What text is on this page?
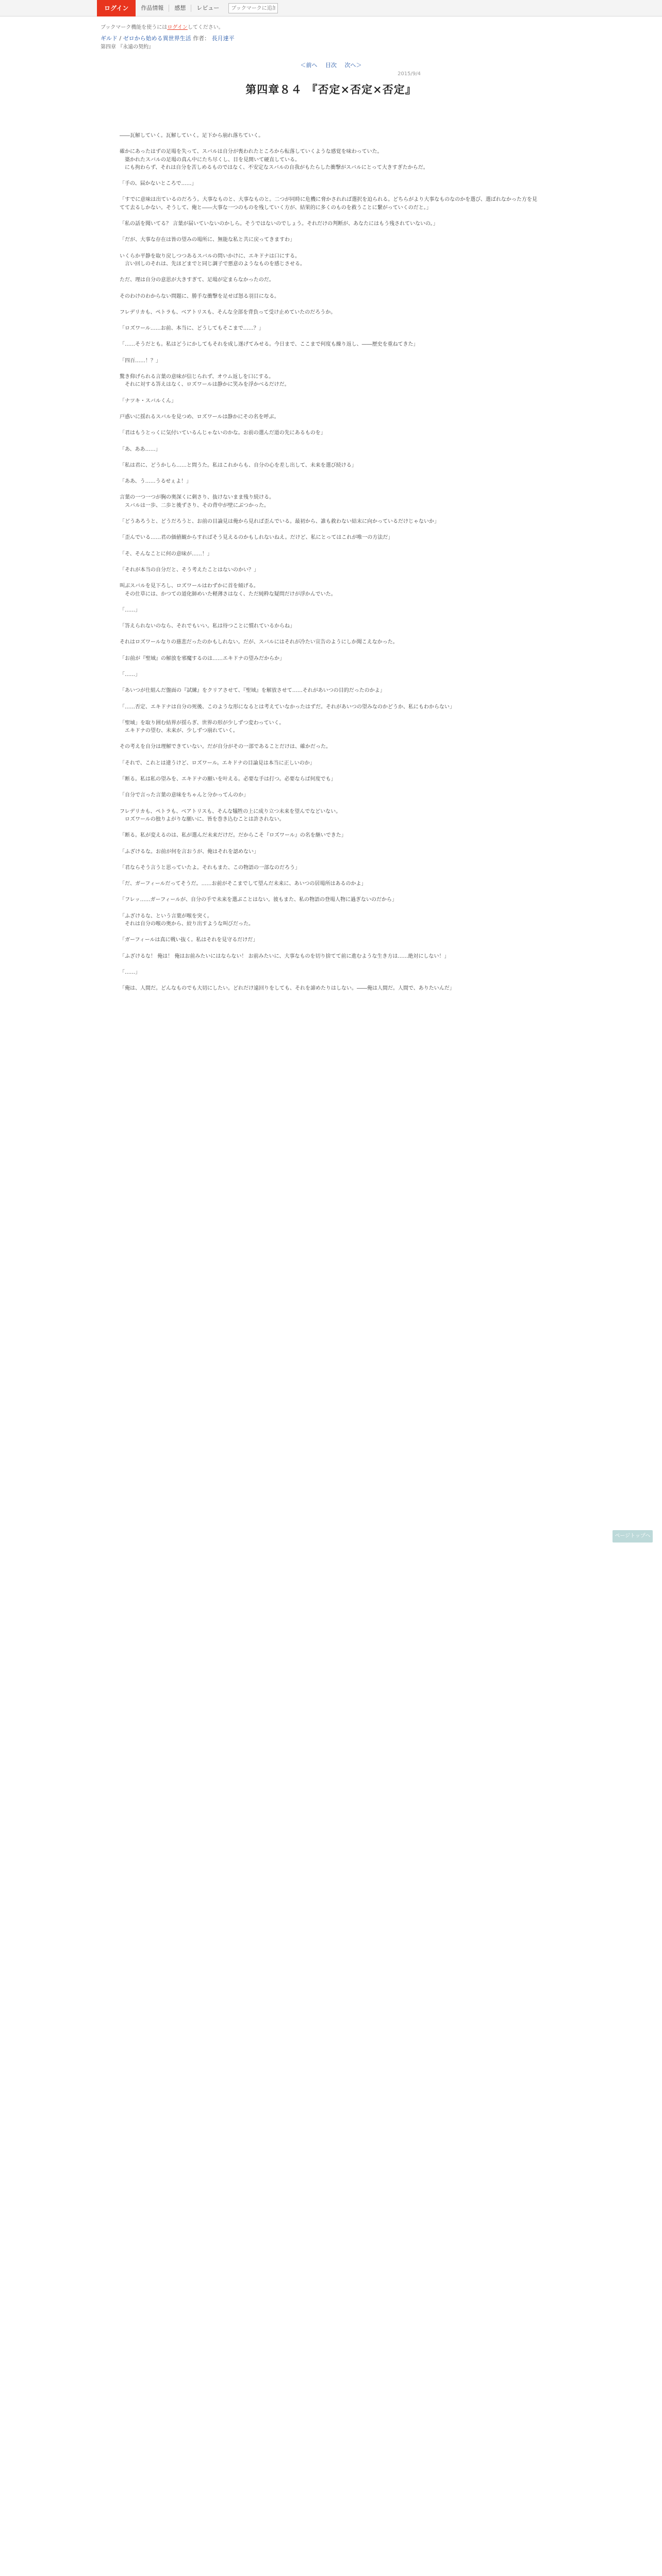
ログイン	作品情報	感想	レビュー
ブックマークに追加
ブックマーク機能を使うにはログインしてください。
ギルド / ゼロから始める異世界生活 作者： 長月達平
第四章 『永遠の契約』
＜前へ 目次 次へ＞
2015/9/4
第四章８４ 『否定×否定×否定』

――瓦解していく。瓦解していく。足下から崩れ落ちていく。

確かにあったはずの足場を失って、スバルは自分が喪われたところから転落していくような感覚を味わっていた。

　築かれたスバルの足場の真ん中にたち尽くし、目を見開いて硬直している。

　にも拘わらず、それは自分を苦しめるものではなく、不安定なスバルの自我がもたらした衝撃がスバルにとって大きすぎたからだ。

「手の、届かないところで……」

「すでに意味は出ているのだろう。大事なものと、大事なものと。二つが同時に危機に脅かされれば選択を迫られる。どちらがより大事なものなのかを選び、選ばれなかった方を見てて去るしかない。そうして、俺と――大事な一つのものを残していく方が、結果的に多くのものを救うことに繋がっていくのだと。」

「私の話を聞いてる？ 言葉が届いていないのかしら。そうではないのでしょう。それだけの判断が、あなたにはもう残されていないの。」

「だが、大事な存在は皆の望みの場所に、無能な私と共に戻ってきますわ」

いくらか平静を取り戻しつつあるスバルの問いかけに、エキドナは口にする。

　言い回しのそれは、先ほどまでと同じ調子で悪意のようなものを感じさせる。

ただ、理は自分の意思が大きすぎて、足場が定まらなかったのだ。

そのわけのわからない問題に、勝手な衝撃を足せば怒る羽目になる。

フレデリカも、ペトラも、ベアトリスも、そんな全部を背負って受け止めていたのだろうか。

「ロズワール……お前、本当に、どうしてもそこまで……？」

「……そうだとも。私はどうにかしてもそれを成し遂げてみせる。今日まで、ここまで何度も繰り返し、――歴史を重ねてきた」

「四百……！？」

驚き仰げられる言葉の意味が信じられず、オウム返しを口にする。

　それに対する答えはなく、ロズワールは静かに笑みを浮かべるだけだ。

「ナツキ・スバルくん」

戸惑いに揺れるスバルを見つめ、ロズワールは静かにその名を呼ぶ。

「君はもうとっくに気付いているんじゃないのかな。お前の選んだ道の先にあるものを」

「あ、ああ……」

「私は君に、どうかしら……と問うた。私はこれからも、自分の心を差し出して、未来を選び続ける」

「ああ、う……うるせぇよ！」

言葉の一つ一つが胸の奥深くに刺さり、抜けないまま残り続ける。

　スバルは一歩、二歩と後ずさり、その背中が壁にぶつかった。

「どうあろうと、どうだろうと、お前の目論見は俺から見れば歪んでいる。最初から、誰も救わない結末に向かっているだけじゃないか」

「歪んでいる……君の価値観からすればそう見えるのかもしれないねえ。だけど、私にとってはこれが唯一の方法だ」

「そ、そんなことに何の意味が……！」

「それが本当の自分だと、そう考えたことはないのかい？」

叫ぶスバルを見下ろし、ロズワールはわずかに首を傾げる。

　その仕草には、かつての道化師めいた軽薄さはなく、ただ純粋な疑問だけが浮かんでいた。

「……」

「答えられないのなら、それでもいい。私は待つことに慣れているからね」

それはロズワールなりの慈悲だったのかもしれない。だが、スバルにはそれが冷たい宣告のようにしか聞こえなかった。

「お前が『聖域』の解放を邪魔するのは……エキドナの望みだからか」

「……」

「あいつが仕組んだ盤面の『試練』をクリアさせて、『聖域』を解放させて……それがあいつの目的だったのかよ」

「……否定、エキドナは自分の死後、このような形になるとは考えていなかったはずだ。それがあいつの望みなのかどうか、私にもわからない」

「聖域」を取り囲む結界が揺らぎ、世界の形が少しずつ変わっていく。

　エキドナの望む、未来が、少しずつ崩れていく。

その考えを自分は理解できていない。だが自分がその一部であることだけは、確かだった。

「それで、これとは違うけど、ロズワール。エキドナの目論見は本当に正しいのか」

「断る。私は私の望みを、エキドナの願いを叶える。必要な手は打つ。必要ならば何度でも」

「自分で言った言葉の意味をちゃんと分かってんのか」

フレデリカも、ペトラも、ベアトリスも、そんな犠牲の上に成り立つ未来を望んでなどいない。

　ロズワールの独りよがりな願いに、皆を巻き込むことは許されない。

「断る。私が変えるのは、私が選んだ未来だけだ。だからこそ『ロズワール』の名を継いできた」

「ふざけるな。お前が何を言おうが、俺はそれを認めない」

「君ならそう言うと思っていたよ。それもまた、この物語の一部なのだろう」

「だ、ガーフィールだってそうだ。……お前がそこまでして望んだ未来に、あいつの居場所はあるのかよ」

「フレッ……ガーフィールが、自分の手で未来を選ぶことはない。彼もまた、私の物語の登場人物に過ぎないのだから」

「ふざけるな、という言葉が喉を突く。

　それは自分の喉の奥から、絞り出すような叫びだった。

「ガーフィールは真に戦い抜く。私はそれを見守るだけだ」

「ふざけるな！ 俺は！ 俺はお前みたいにはならない！ お前みたいに、大事なものを切り捨てて前に進むような生き方は……絶対にしない！」

「……」

「俺は、人間だ。どんなものでも大切にしたい。どれだけ遠回りをしても、それを諦めたりはしない。――俺は人間だ。人間で、ありたいんだ」

ページトップへ
